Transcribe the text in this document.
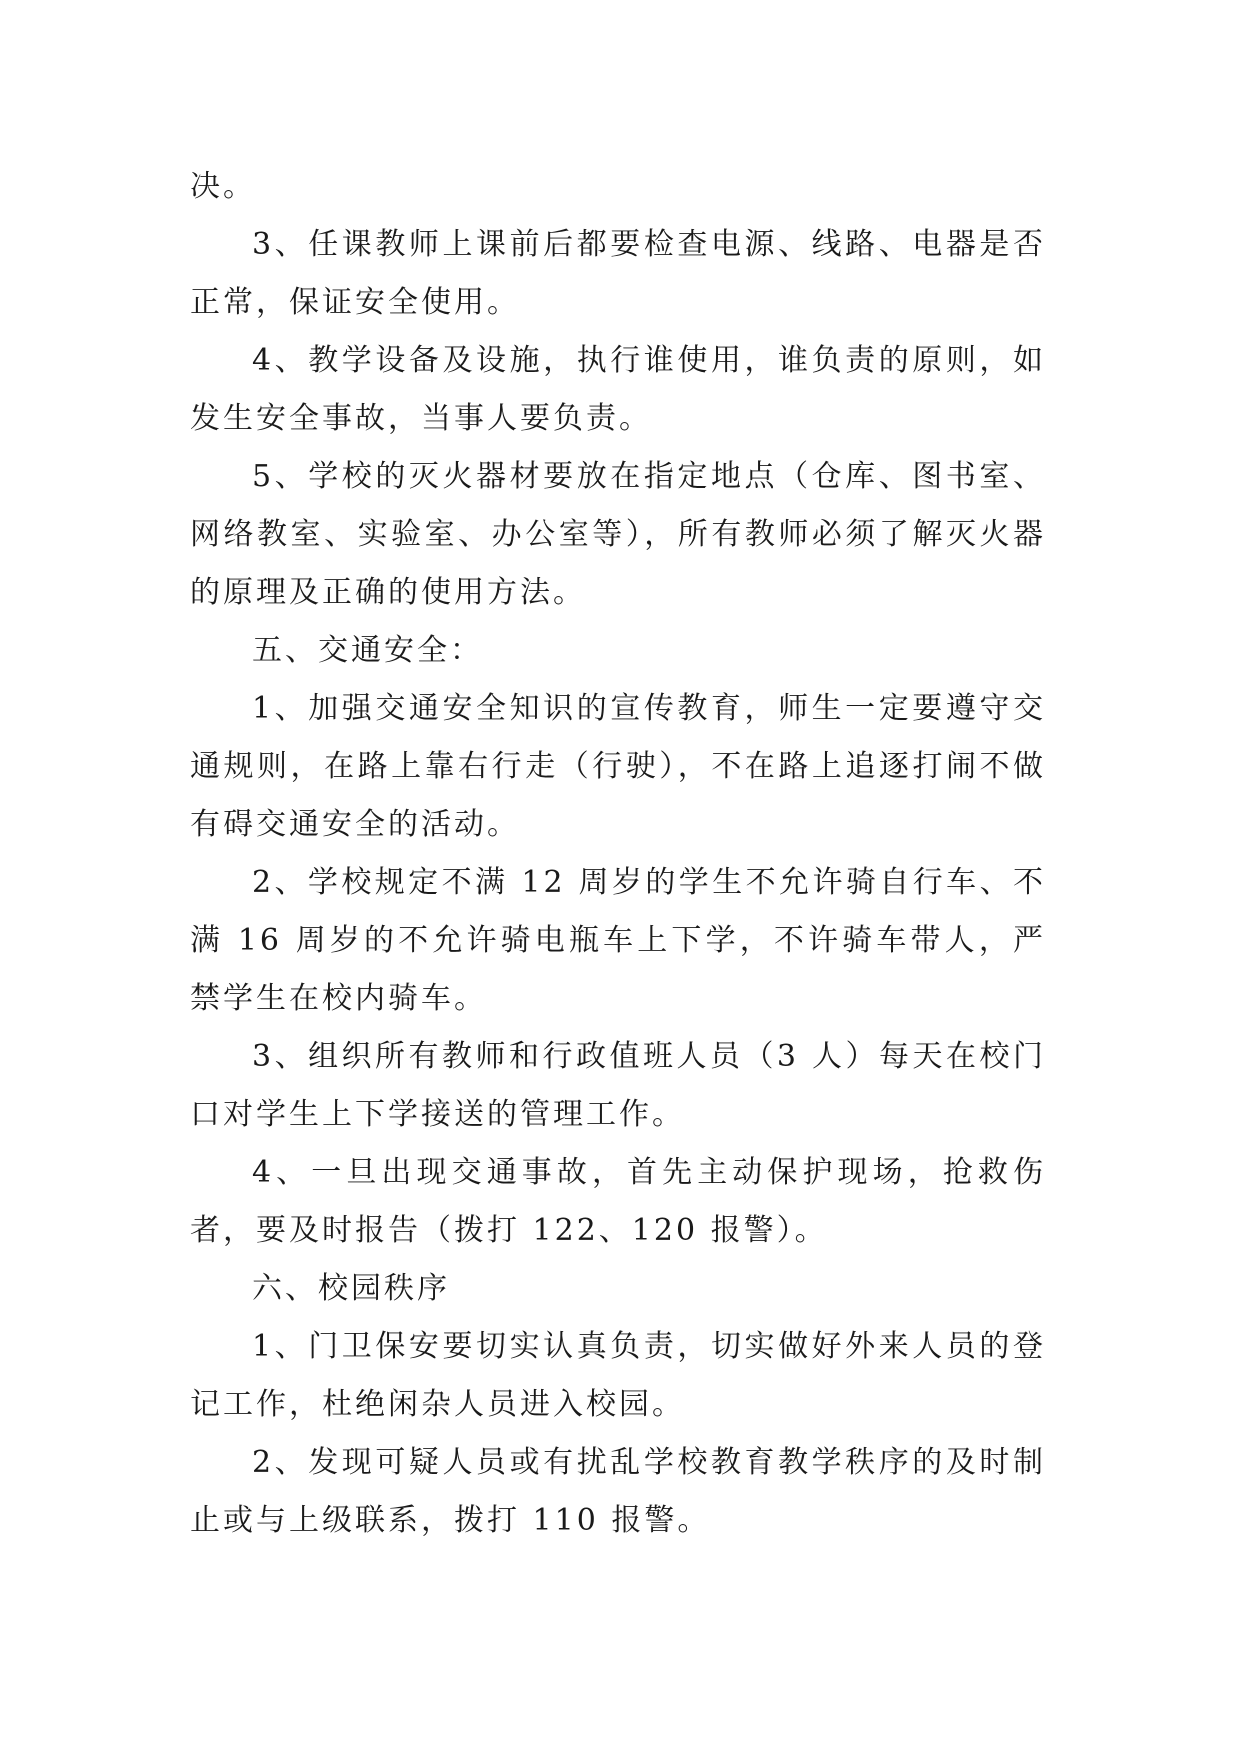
决。

3、任课教师上课前后都要检查电源、线路、电器是否正常，保证安全使用。

4、教学设备及设施，执行谁使用，谁负责的原则，如发生安全事故，当事人要负责。

5、学校的灭火器材要放在指定地点（仓库、图书室、网络教室、实验室、办公室等），所有教师必须了解灭火器的原理及正确的使用方法。

五、交通安全：

1、加强交通安全知识的宣传教育，师生一定要遵守交通规则，在路上靠右行走（行驶），不在路上追逐打闹不做有碍交通安全的活动。

2、学校规定不满 12 周岁的学生不允许骑自行车、不满 16 周岁的不允许骑电瓶车上下学，不许骑车带人，严禁学生在校内骑车。

3、组织所有教师和行政值班人员（3 人）每天在校门口对学生上下学接送的管理工作。

4、一旦出现交通事故，首先主动保护现场，抢救伤者，要及时报告（拨打 122、120 报警）。

六、校园秩序

1、门卫保安要切实认真负责，切实做好外来人员的登记工作，杜绝闲杂人员进入校园。

2、发现可疑人员或有扰乱学校教育教学秩序的及时制止或与上级联系，拨打 110 报警。
